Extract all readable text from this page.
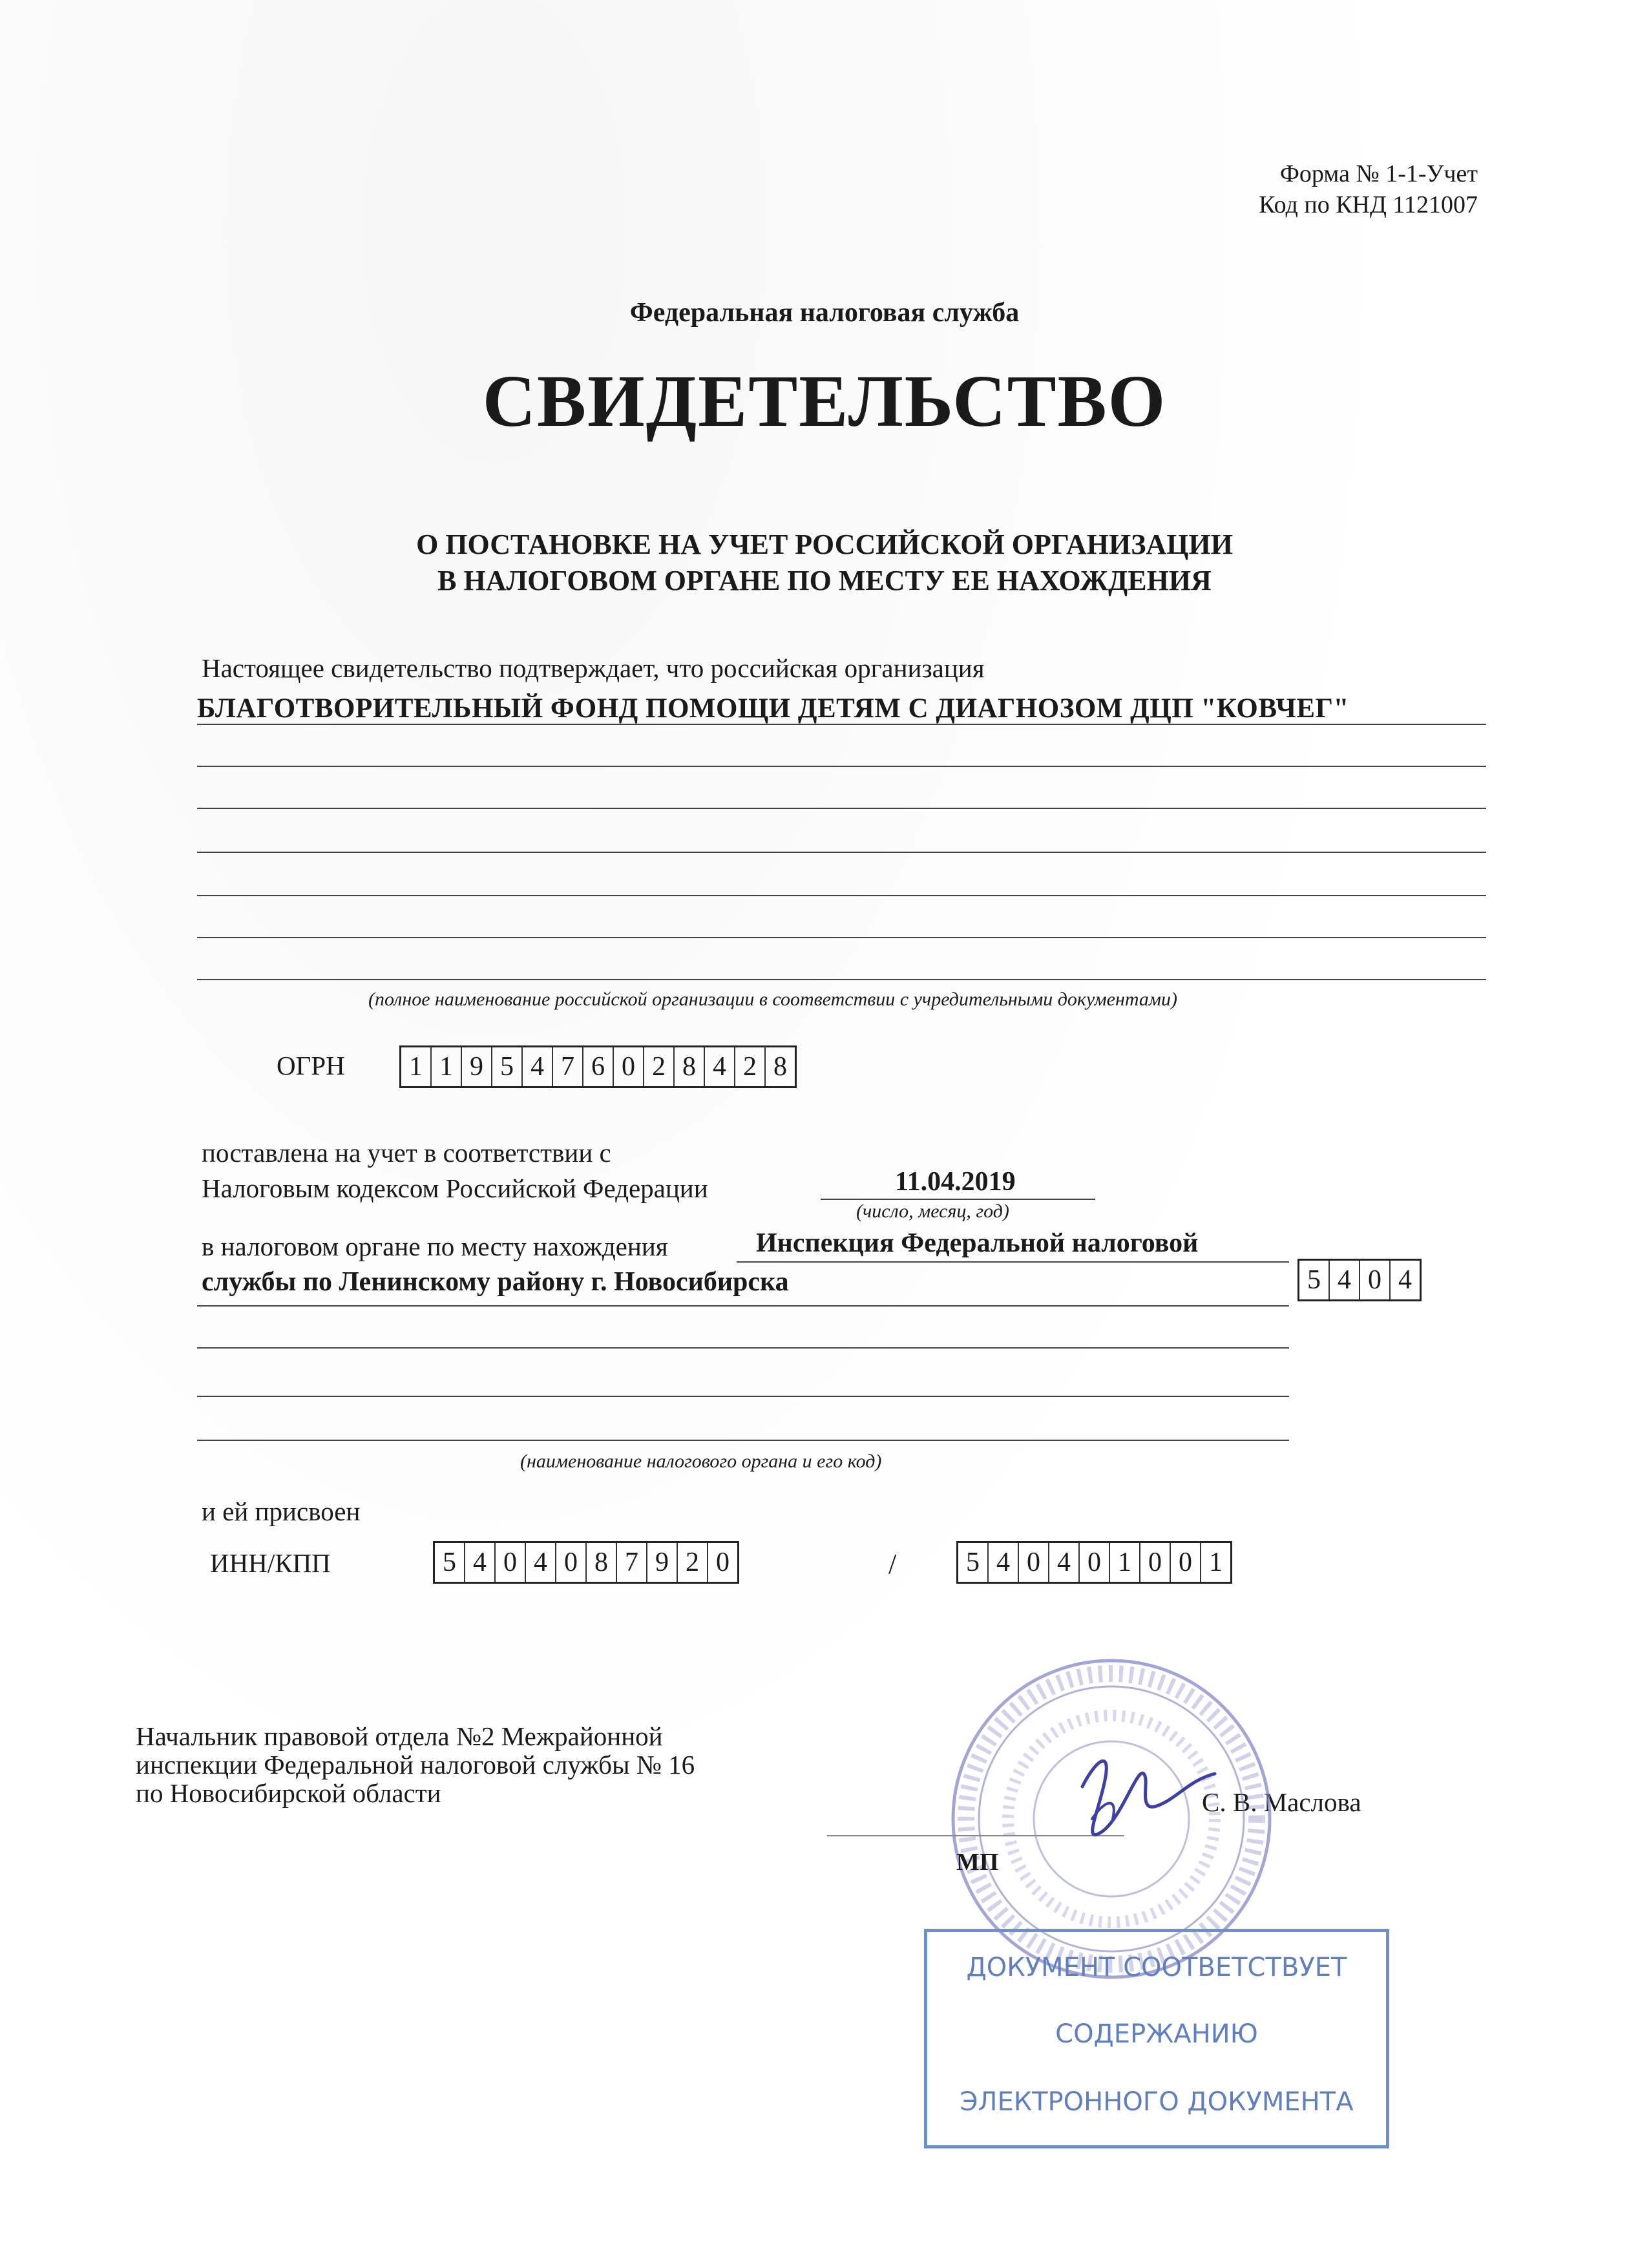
Форма № 1-1-Учет
Код по КНД 1121007
Федеральная налоговая служба
СВИДЕТЕЛЬСТВО
О ПОСТАНОВКЕ НА УЧЕТ РОССИЙСКОЙ ОРГАНИЗАЦИИ
В НАЛОГОВОМ ОРГАНЕ ПО МЕСТУ ЕЕ НАХОЖДЕНИЯ
Настоящее свидетельство подтверждает, что российская организация
БЛАГОТВОРИТЕЛЬНЫЙ ФОНД ПОМОЩИ ДЕТЯМ С ДИАГНОЗОМ ДЦП "КОВЧЕГ"
(полное наименование российской организации в соответствии с учредительными документами)
ОГРН 1 1 9 5 4 7 6 0 2 8 4 2 8
поставлена на учет в соответствии с
Налоговым кодексом Российской Федерации	11.04.2019
(число, месяц, год)
в налоговом органе по месту нахождения	Инспекция Федеральной налоговой
службы по Ленинскому району г. Новосибирска	5 4 0 4
(наименование налогового органа и его код)
и ей присвоен
ИНН/КПП	5 4 0 4 0 8 7 9 2 0	/	5 4 0 4 0 1 0 0 1
Начальник правовой отдела №2 Межрайонной
инспекции Федеральной налоговой службы № 16
по Новосибирской области	С. В. Маслова
МП
ДОКУМЕНТ СООТВЕТСТВУЕТ
СОДЕРЖАНИЮ
ЭЛЕКТРОННОГО ДОКУМЕНТА
